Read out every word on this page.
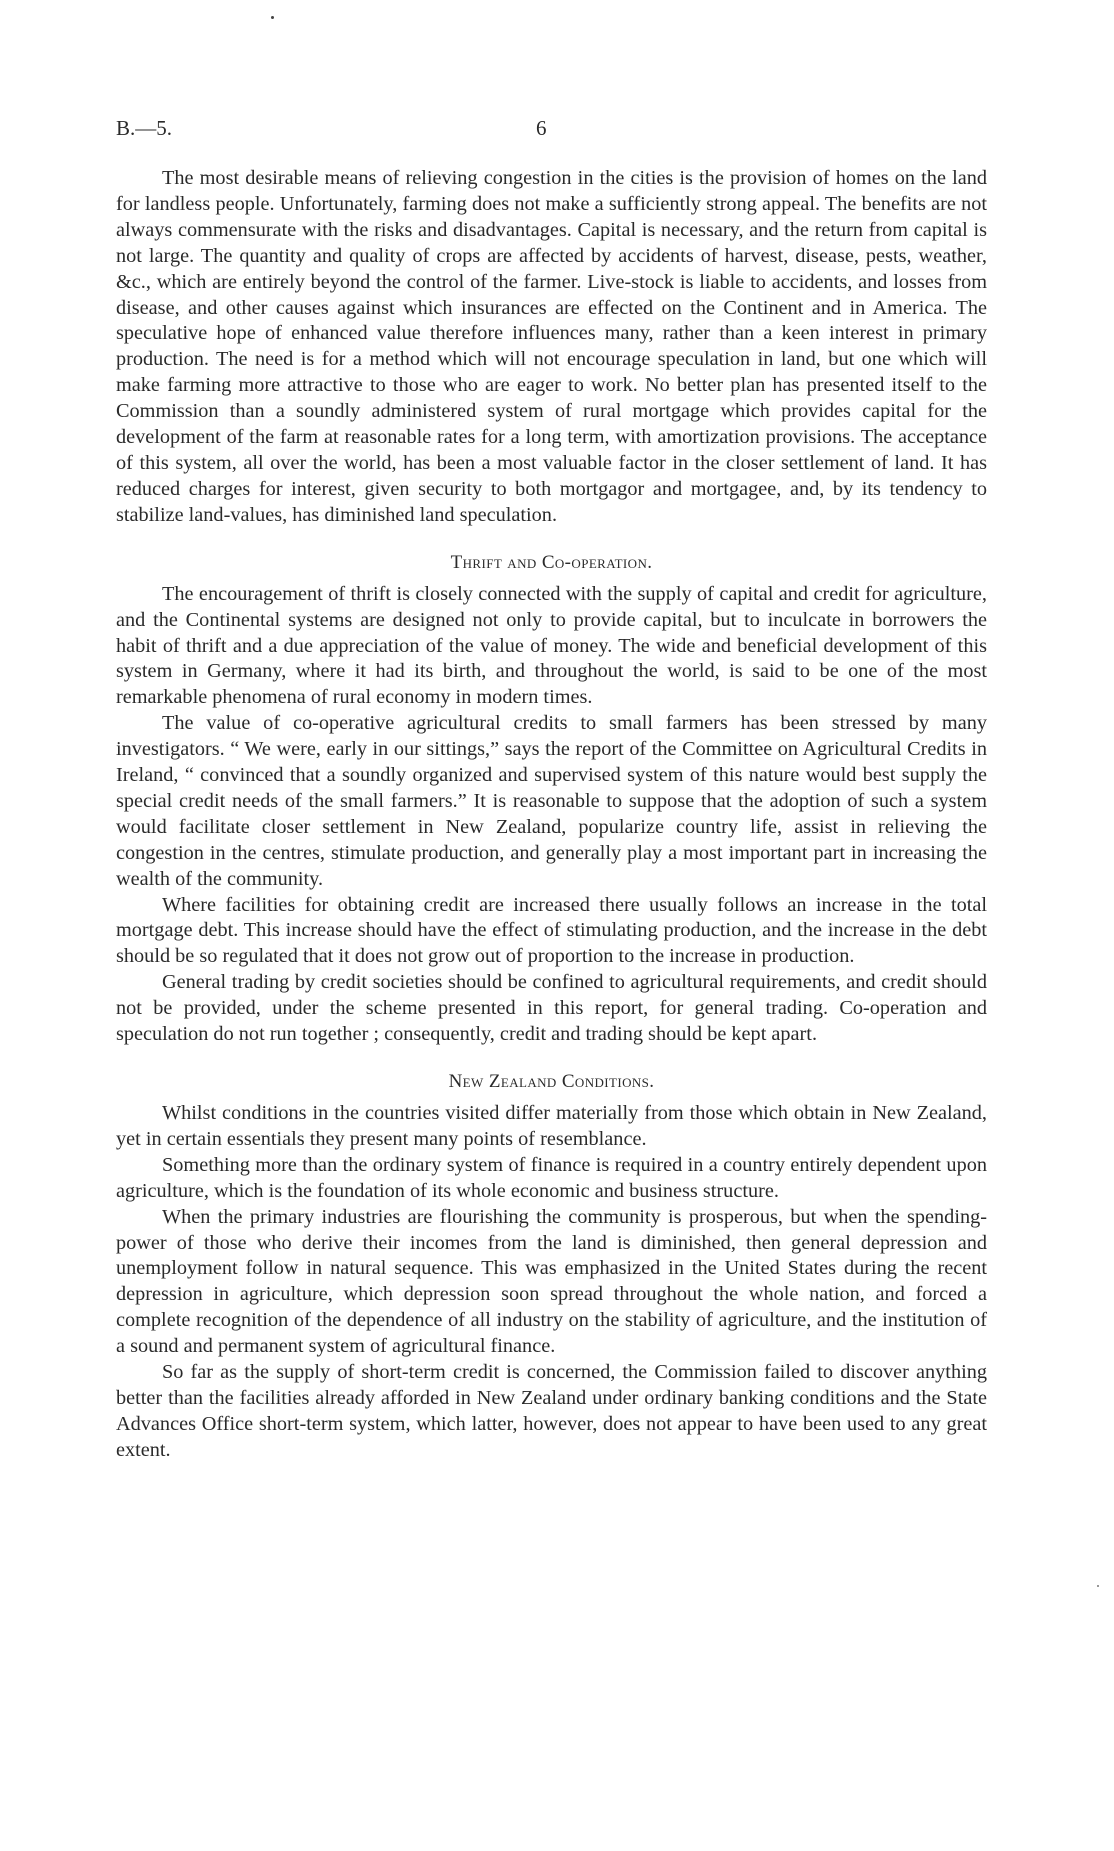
B.—5.	6

The most desirable means of relieving congestion in the cities is the provision of homes on the land for landless people. Unfortunately, farming does not make a sufficiently strong appeal. The benefits are not always commensurate with the risks and disadvantages. Capital is necessary, and the return from capital is not large. The quantity and quality of crops are affected by accidents of harvest, disease, pests, weather, &c., which are entirely beyond the control of the farmer. Live-stock is liable to accidents, and losses from disease, and other causes against which insurances are effected on the Continent and in America. The speculative hope of enhanced value therefore influences many, rather than a keen interest in primary production. The need is for a method which will not encourage speculation in land, but one which will make farming more attractive to those who are eager to work. No better plan has presented itself to the Commission than a soundly administered system of rural mortgage which provides capital for the development of the farm at reasonable rates for a long term, with amortization provisions. The acceptance of this system, all over the world, has been a most valuable factor in the closer settlement of land. It has reduced charges for interest, given security to both mortgagor and mortgagee, and, by its tendency to stabilize land-values, has diminished land speculation.

Thrift and Co-operation.

The encouragement of thrift is closely connected with the supply of capital and credit for agriculture, and the Continental systems are designed not only to provide capital, but to inculcate in borrowers the habit of thrift and a due appreciation of the value of money. The wide and beneficial development of this system in Germany, where it had its birth, and throughout the world, is said to be one of the most remarkable phenomena of rural economy in modern times.

The value of co-operative agricultural credits to small farmers has been stressed by many investigators. “ We were, early in our sittings,” says the report of the Committee on Agricultural Credits in Ireland, “ convinced that a soundly organized and supervised system of this nature would best supply the special credit needs of the small farmers.” It is reasonable to suppose that the adoption of such a system would facilitate closer settlement in New Zealand, popularize country life, assist in relieving the congestion in the centres, stimulate production, and generally play a most important part in increasing the wealth of the community.

Where facilities for obtaining credit are increased there usually follows an increase in the total mortgage debt. This increase should have the effect of stimulating production, and the increase in the debt should be so regulated that it does not grow out of proportion to the increase in production.

General trading by credit societies should be confined to agricultural requirements, and credit should not be provided, under the scheme presented in this report, for general trading. Co-operation and speculation do not run together ; consequently, credit and trading should be kept apart.

New Zealand Conditions.

Whilst conditions in the countries visited differ materially from those which obtain in New Zealand, yet in certain essentials they present many points of resemblance.

Something more than the ordinary system of finance is required in a country entirely dependent upon agriculture, which is the foundation of its whole economic and business structure.

When the primary industries are flourishing the community is prosperous, but when the spending-power of those who derive their incomes from the land is diminished, then general depression and unemployment follow in natural sequence. This was emphasized in the United States during the recent depression in agriculture, which depression soon spread throughout the whole nation, and forced a complete recognition of the dependence of all industry on the stability of agriculture, and the institution of a sound and permanent system of agricultural finance.

So far as the supply of short-term credit is concerned, the Commission failed to discover anything better than the facilities already afforded in New Zealand under ordinary banking conditions and the State Advances Office short-term system, which latter, however, does not appear to have been used to any great extent.
